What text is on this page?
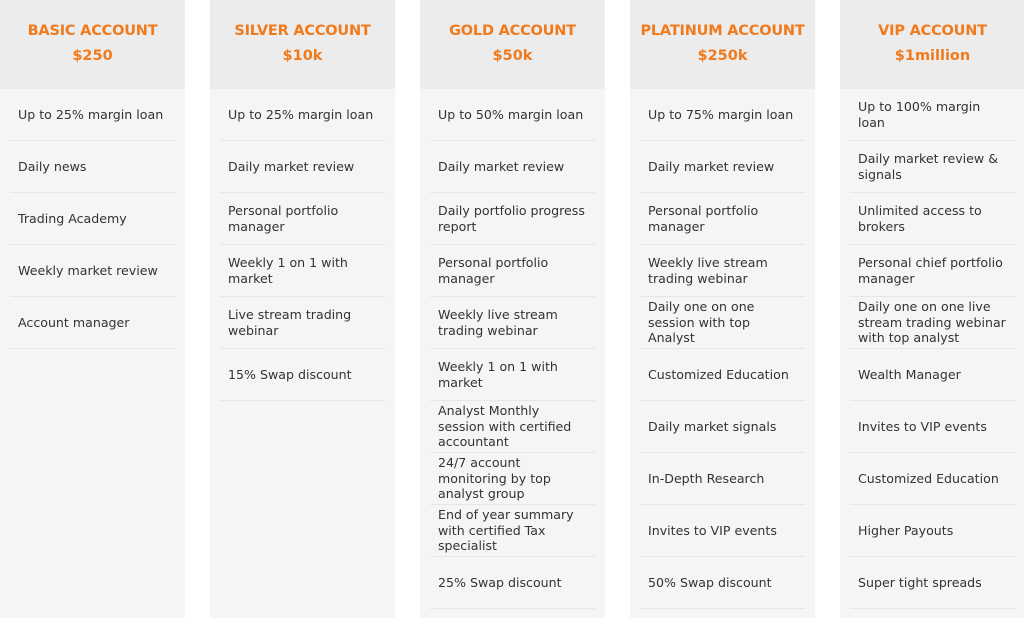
BASIC ACCOUNT
$250
Up to 25% margin loan
Daily news
Trading Academy
Weekly market review
Account manager
SILVER ACCOUNT
$10k
Up to 25% margin loan
Daily market review
Personal portfolio manager
Weekly 1 on 1 with market
Live stream trading webinar
15% Swap discount
GOLD ACCOUNT
$50k
Up to 50% margin loan
Daily market review
Daily portfolio progress report
Personal portfolio manager
Weekly live stream trading webinar
Weekly 1 on 1 with market
Analyst Monthly session with certified accountant
24/7 account monitoring by top analyst group
End of year summary with certified Tax specialist
25% Swap discount
PLATINUM ACCOUNT
$250k
Up to 75% margin loan
Daily market review
Personal portfolio manager
Weekly live stream trading webinar
Daily one on one session with top Analyst
Customized Education
Daily market signals
In-Depth Research
Invites to VIP events
50% Swap discount
VIP ACCOUNT
$1million
Up to 100% margin loan
Daily market review & signals
Unlimited access to brokers
Personal chief portfolio manager
Daily one on one live stream trading webinar with top analyst
Wealth Manager
Invites to VIP events
Customized Education
Higher Payouts
Super tight spreads
